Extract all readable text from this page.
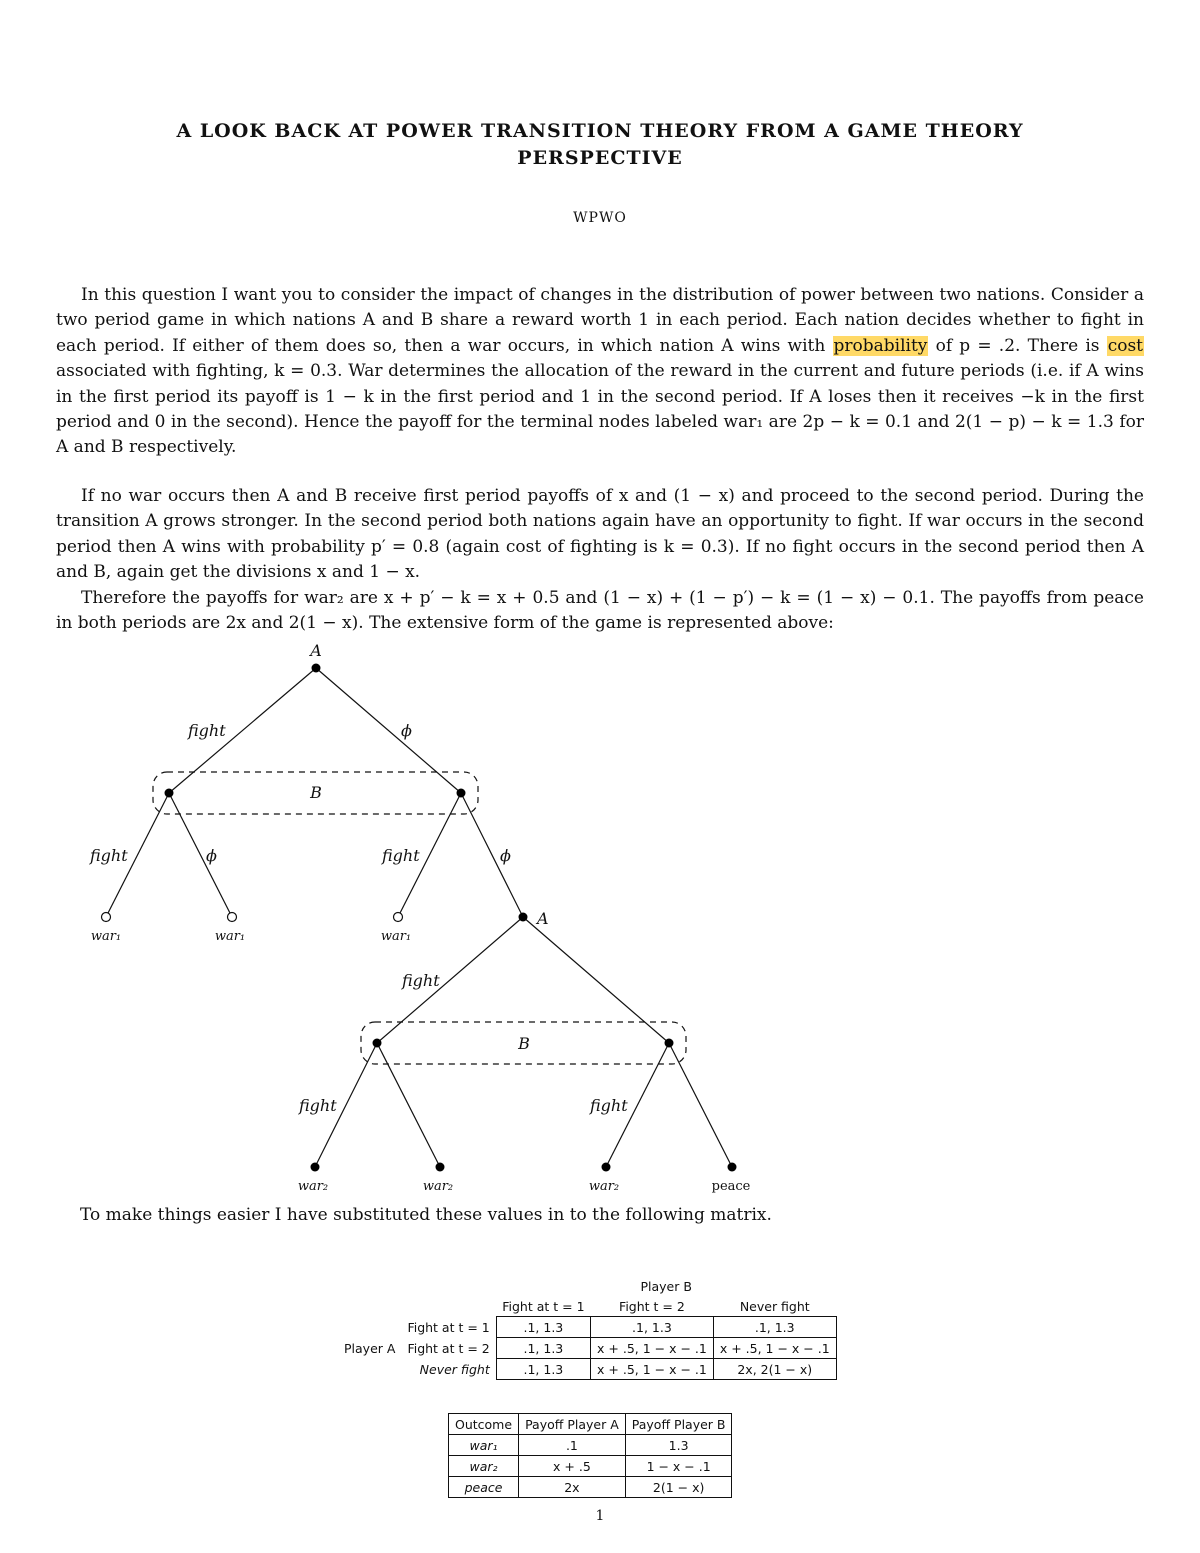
A LOOK BACK AT POWER TRANSITION THEORY FROM A GAME THEORY
PERSPECTIVE
WPWO

In this question I want you to consider the impact of changes in the distribution of power between two nations. Consider a two period game in which nations A and B share a reward worth 1 in each period. Each nation decides whether to fight in each period. If either of them does so, then a war occurs, in which nation A wins with probability of p = .2. There is cost associated with fighting, k = 0.3. War determines the allocation of the reward in the current and future periods (i.e. if A wins in the first period its payoff is 1 − k in the first period and 1 in the second period. If A loses then it receives −k in the first period and 0 in the second). Hence the payoff for the terminal nodes labeled war₁ are 2p − k = 0.1 and 2(1 − p) − k = 1.3 for A and B respectively.

If no war occurs then A and B receive first period payoffs of x and (1 − x) and proceed to the second period. During the transition A grows stronger. In the second period both nations again have an opportunity to fight. If war occurs in the second period then A wins with probability p′ = 0.8 (again cost of fighting is k = 0.3). If no fight occurs in the second period then A and B, again get the divisions x and 1 − x.

Therefore the payoffs for war₂ are x + p′ − k = x + 0.5 and (1 − x) + (1 − p′) − k = (1 − x) − 0.1. The payoffs from peace in both periods are 2x and 2(1 − x). The extensive form of the game is represented above:

A
B
A
B
fight	ϕ
fight	ϕ	fight	ϕ
fight
fight	fight
war₁	war₁	war₁
war₂	war₂	war₂	peace
To make things easier I have substituted these values in to the following matrix.
		Player B		
		Fight at t = 1	Fight t = 2	Never fight
	Fight at t = 1	.1, 1.3	.1, 1.3	.1, 1.3
Player A	Fight at t = 2	.1, 1.3	x + .5, 1 − x − .1	x + .5, 1 − x − .1
	Never fight	.1, 1.3	x + .5, 1 − x − .1	2x, 2(1 − x)
Outcome	Payoff Player A	Payoff Player B
war₁	.1	1.3
war₂	x + .5	1 − x − .1
peace	2x	2(1 − x)
1
